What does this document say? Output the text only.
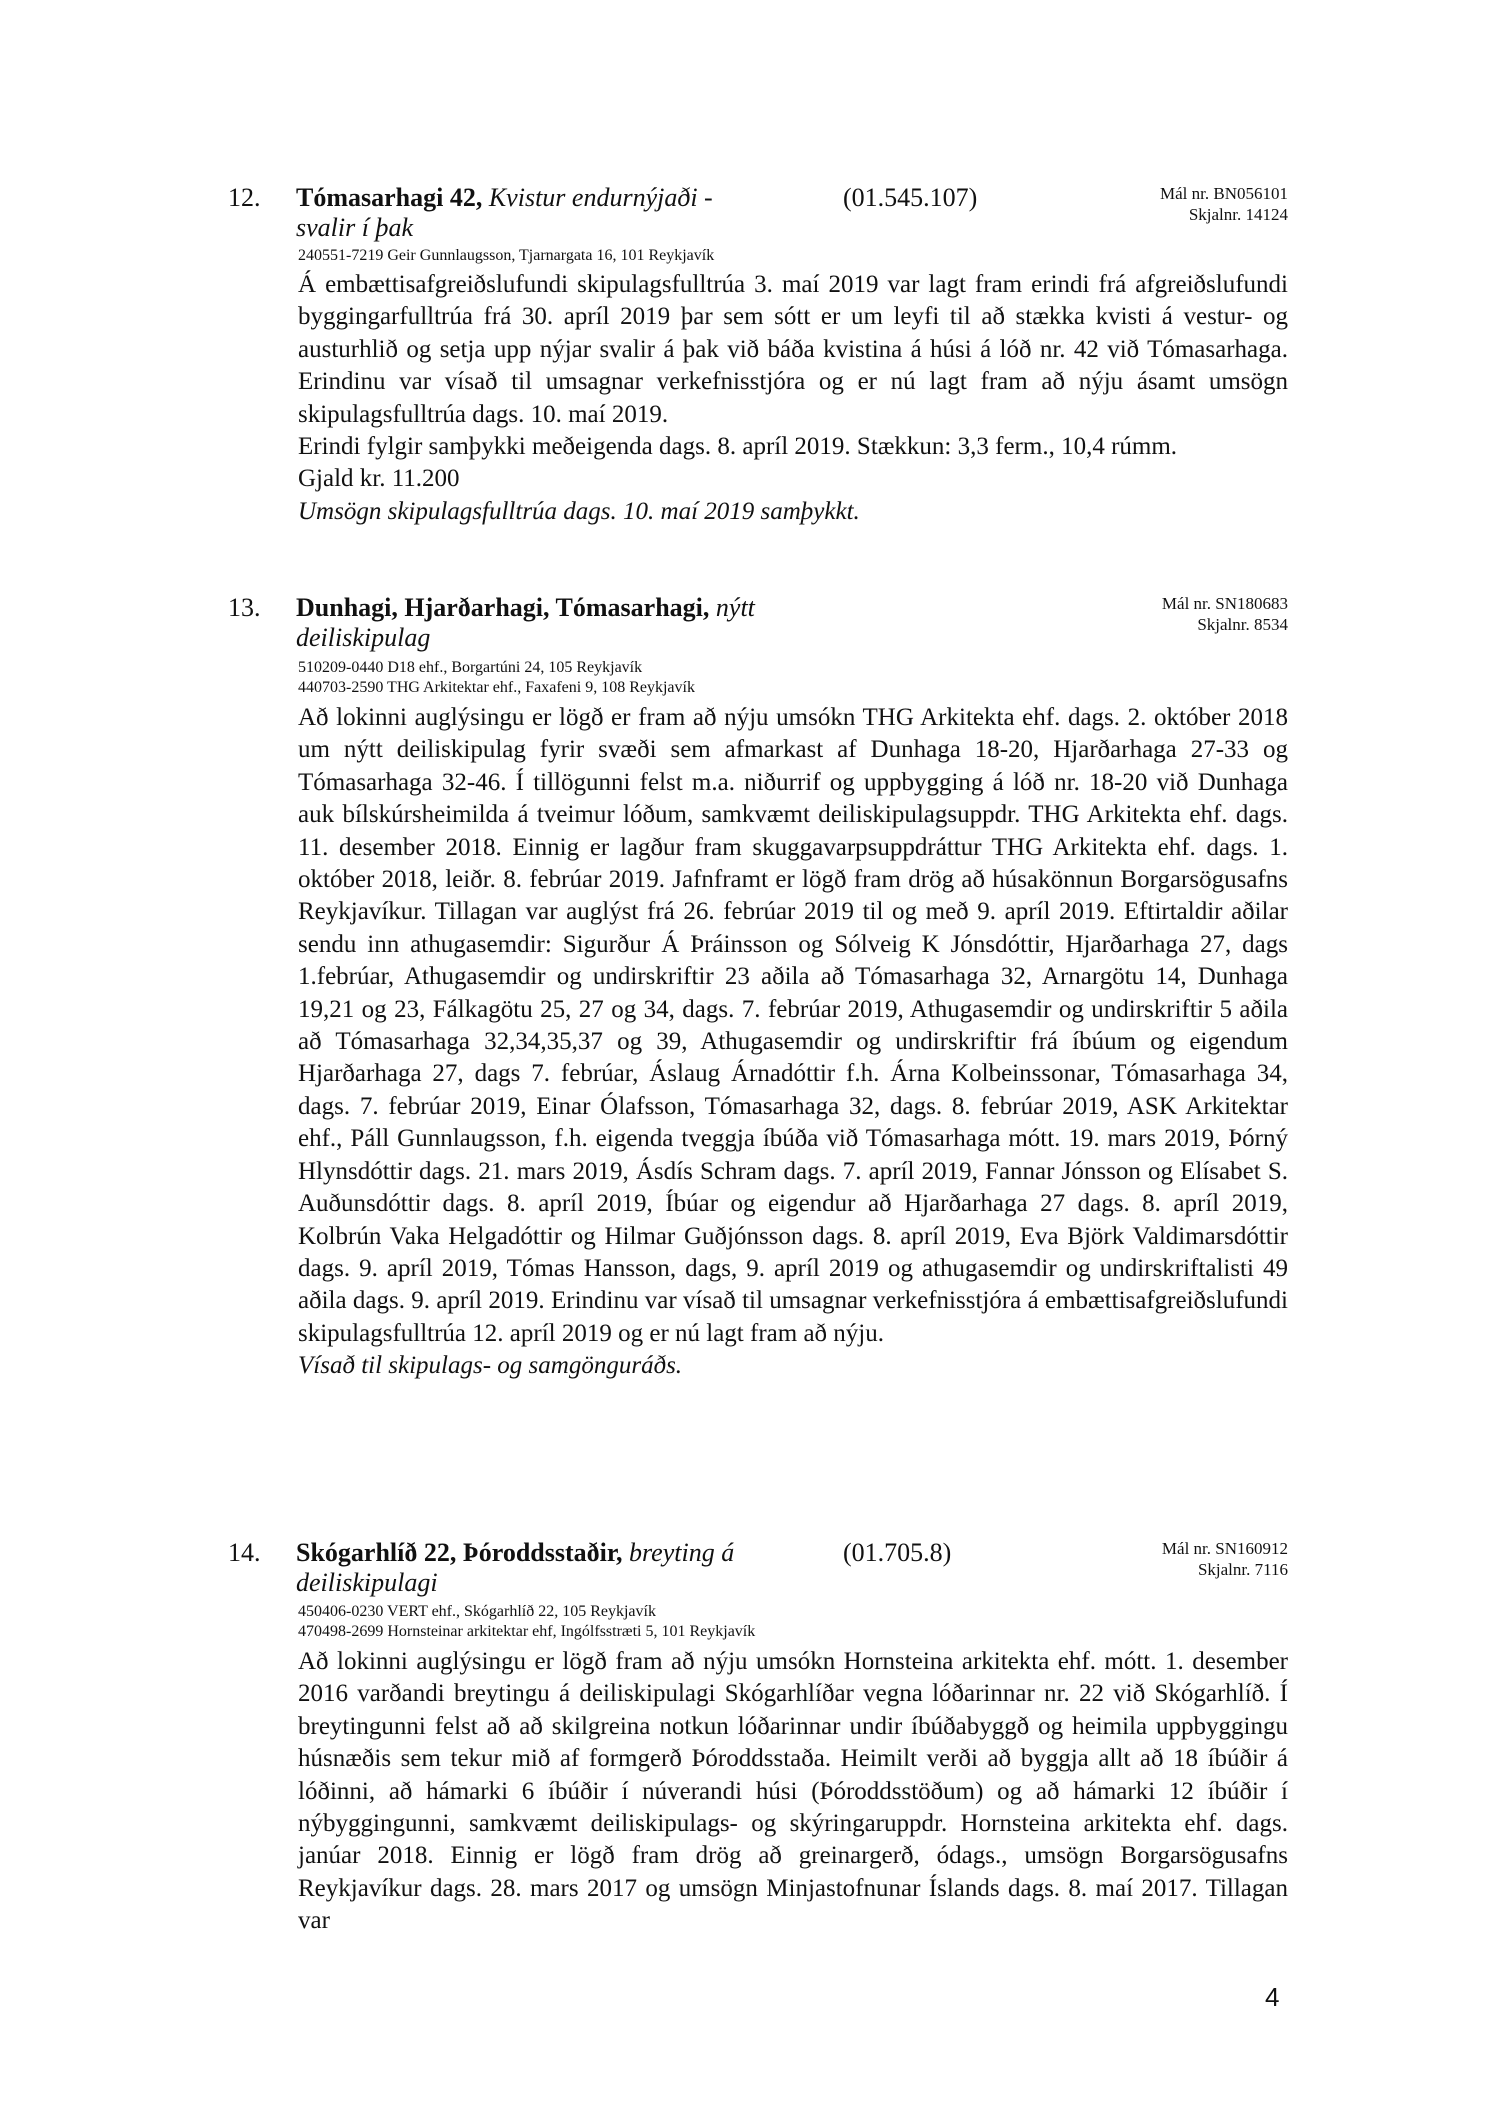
12. Tómasarhagi 42, Kvistur endurnýjaði - svalir í þak
(01.545.107)	Mál nr. BN056101
Skjalnr. 14124
240551-7219 Geir Gunnlaugsson, Tjarnargata 16, 101 Reykjavík

Á embættisafgreiðslufundi skipulagsfulltrúa 3. maí 2019 var lagt fram erindi frá afgreiðslufundi byggingarfulltrúa frá 30. apríl 2019 þar sem sótt er um leyfi til að stækka kvisti á vestur- og austurhlið og setja upp nýjar svalir á þak við báða kvistina á húsi á lóð nr. 42 við Tómasarhaga. Erindinu var vísað til umsagnar verkefnisstjóra og er nú lagt fram að nýju ásamt umsögn skipulagsfulltrúa dags. 10. maí 2019.

Erindi fylgir samþykki meðeigenda dags. 8. apríl 2019. Stækkun: 3,3 ferm., 10,4 rúmm.

Gjald kr. 11.200

Umsögn skipulagsfulltrúa dags. 10. maí 2019 samþykkt.

13. Dunhagi, Hjarðarhagi, Tómasarhagi, nýtt deiliskipulag
Mál nr. SN180683
Skjalnr. 8534
510209-0440 D18 ehf., Borgartúni 24, 105 Reykjavík
440703-2590 THG Arkitektar ehf., Faxafeni 9, 108 Reykjavík

Að lokinni auglýsingu er lögð er fram að nýju umsókn THG Arkitekta ehf. dags. 2. október 2018 um nýtt deiliskipulag fyrir svæði sem afmarkast af Dunhaga 18-20, Hjarðarhaga 27-33 og Tómasarhaga 32-46. Í tillögunni felst m.a. niðurrif og uppbygging á lóð nr. 18-20 við Dunhaga auk bílskúrsheimilda á tveimur lóðum, samkvæmt deiliskipulagsuppdr. THG Arkitekta ehf. dags. 11. desember 2018. Einnig er lagður fram skuggavarpsuppdráttur THG Arkitekta ehf. dags. 1. október 2018, leiðr. 8. febrúar 2019. Jafnframt er lögð fram drög að húsakönnun Borgarsögusafns Reykjavíkur. Tillagan var auglýst frá 26. febrúar 2019 til og með 9. apríl 2019. Eftirtaldir aðilar sendu inn athugasemdir: Sigurður Á Þráinsson og Sólveig K Jónsdóttir, Hjarðarhaga 27, dags 1.febrúar, Athugasemdir og undirskriftir 23 aðila að Tómasarhaga 32, Arnargötu 14, Dunhaga 19,21 og 23, Fálkagötu 25, 27 og 34, dags. 7. febrúar 2019, Athugasemdir og undirskriftir 5 aðila að Tómasarhaga 32,34,35,37 og 39, Athugasemdir og undirskriftir frá íbúum og eigendum Hjarðarhaga 27, dags 7. febrúar, Áslaug Árnadóttir f.h. Árna Kolbeinssonar, Tómasarhaga 34, dags. 7. febrúar 2019, Einar Ólafsson, Tómasarhaga 32, dags. 8. febrúar 2019, ASK Arkitektar ehf., Páll Gunnlaugsson, f.h. eigenda tveggja íbúða við Tómasarhaga mótt. 19. mars 2019, Þórný Hlynsdóttir dags. 21. mars 2019, Ásdís Schram dags. 7. apríl 2019, Fannar Jónsson og Elísabet S. Auðunsdóttir dags. 8. apríl 2019, Íbúar og eigendur að Hjarðarhaga 27 dags. 8. apríl 2019, Kolbrún Vaka Helgadóttir og Hilmar Guðjónsson dags. 8. apríl 2019, Eva Björk Valdimarsdóttir dags. 9. apríl 2019, Tómas Hansson, dags, 9. apríl 2019 og athugasemdir og undirskriftalisti 49 aðila dags. 9. apríl 2019. Erindinu var vísað til umsagnar verkefnisstjóra á embættisafgreiðslufundi skipulagsfulltrúa 12. apríl 2019 og er nú lagt fram að nýju.

Vísað til skipulags- og samgönguráðs.

14. Skógarhlíð 22, Þóroddsstaðir, breyting á deiliskipulagi
(01.705.8)	Mál nr. SN160912
Skjalnr. 7116
450406-0230 VERT ehf., Skógarhlíð 22, 105 Reykjavík
470498-2699 Hornsteinar arkitektar ehf, Ingólfsstræti 5, 101 Reykjavík

Að lokinni auglýsingu er lögð fram að nýju umsókn Hornsteina arkitekta ehf. mótt. 1. desember 2016 varðandi breytingu á deiliskipulagi Skógarhlíðar vegna lóðarinnar nr. 22 við Skógarhlíð. Í breytingunni felst að að skilgreina notkun lóðarinnar undir íbúðabyggð og heimila uppbyggingu húsnæðis sem tekur mið af formgerð Þóroddsstaða. Heimilt verði að byggja allt að 18 íbúðir á lóðinni, að hámarki 6 íbúðir í núverandi húsi (Þóroddsstöðum) og að hámarki 12 íbúðir í nýbyggingunni, samkvæmt deiliskipulags- og skýringaruppdr. Hornsteina arkitekta ehf. dags. janúar 2018. Einnig er lögð fram drög að greinargerð, ódags., umsögn Borgarsögusafns Reykjavíkur dags. 28. mars 2017 og umsögn Minjastofnunar Íslands dags. 8. maí 2017. Tillagan var

4
